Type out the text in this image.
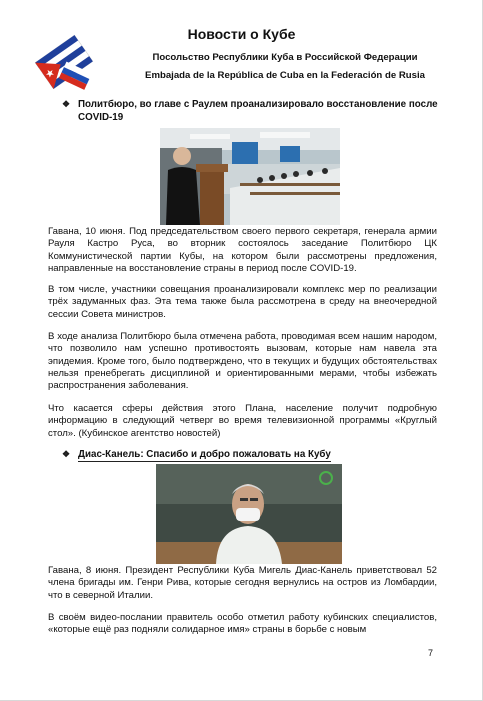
Новости о Кубе
Посольство Республики Куба в Российской Федерации
Embajada de la República de Cuba en la Federación de Rusia
❖ Политбюро, во главе с Раулем проанализировало восстановление после COVID-19
Гавана, 10 июня. Под председательством своего первого секретаря, генерала армии Рауля Кастро Руса, во вторник состоялось заседание Политбюро ЦК Коммунистической партии Кубы, на котором были рассмотрены предложения, направленные на восстановление страны в период после COVID-19.
В том числе, участники совещания проанализировали комплекс мер по реализации трёх задуманных фаз. Эта тема также была рассмотрена в среду на внеочередной сессии Совета министров.
В ходе анализа Политбюро была отмечена работа, проводимая всем нашим народом, что позволило нам успешно противостоять вызовам, которые нам навела эта эпидемия. Кроме того, было подтверждено, что в текущих и будущих обстоятельствах нельзя пренебрегать дисциплиной и ориентированными мерами, чтобы избежать распространения заболевания.
Что касается сферы действия этого Плана, население получит подробную информацию в следующий четверг во время телевизионной программы «Круглый стол». (Кубинское агентство новостей)
❖ Диас-Канель: Спасибо и добро пожаловать на Кубу
Гавана, 8 июня. Президент Республики Куба Мигель Диас-Канель приветствовал 52 члена бригады им. Генри Рива, которые сегодня вернулись на остров из Ломбардии, что в северной Италии.
В своём видео-послании правитель особо отметил работу кубинских специалистов, «которые ещё раз подняли солидарное имя» страны в борьбе с новым
7
